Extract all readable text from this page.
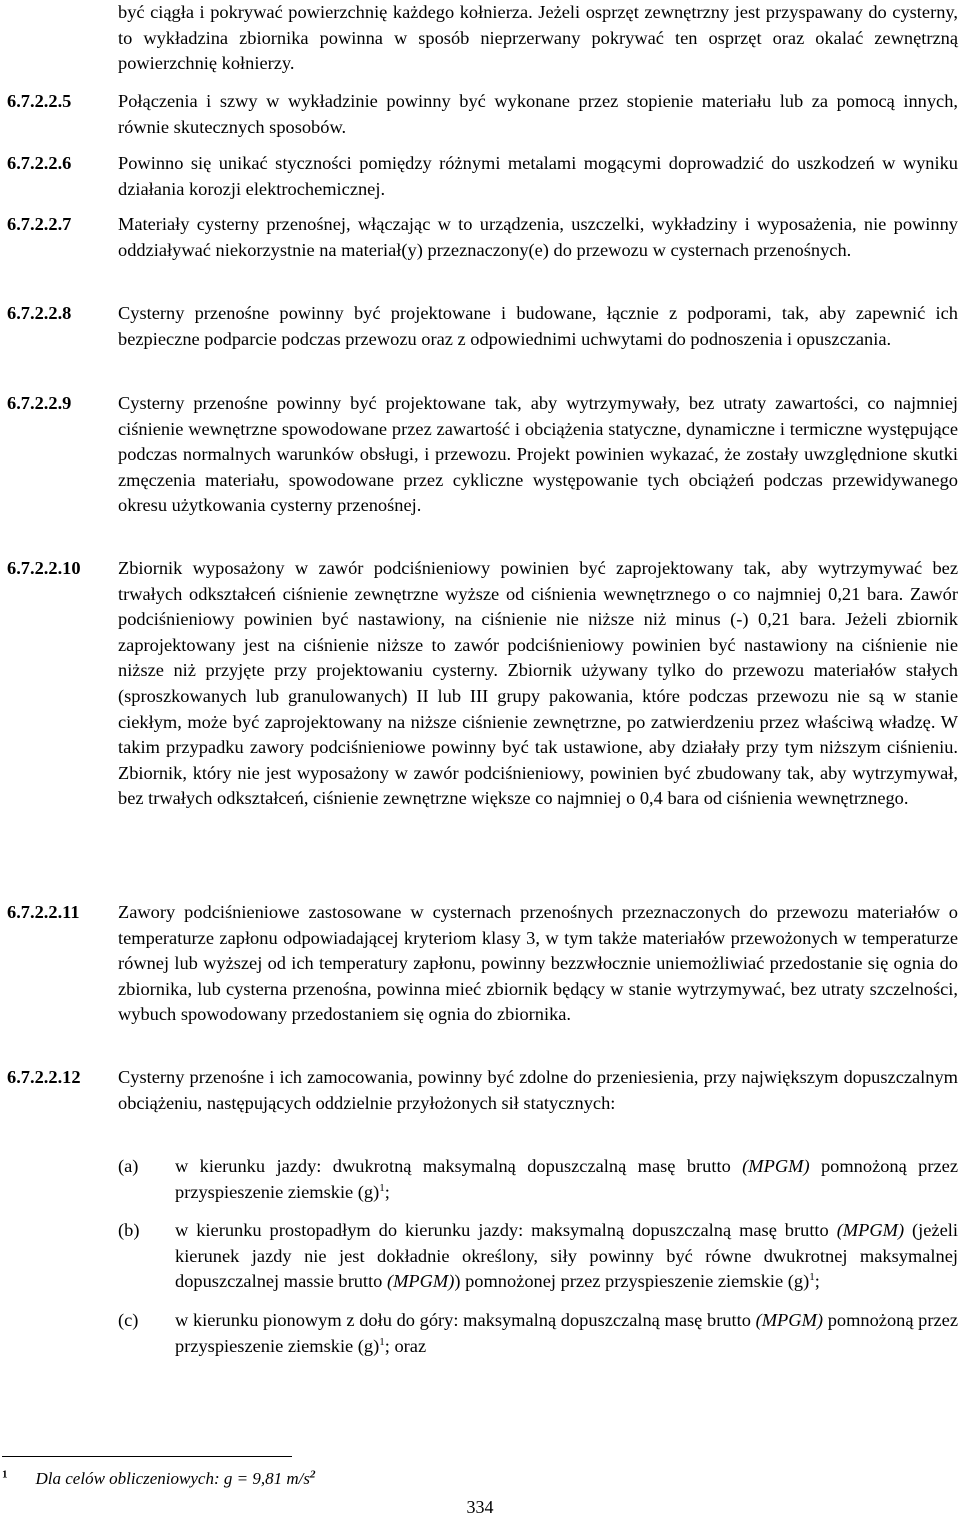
być ciągła i pokrywać powierzchnię każdego kołnierza. Jeżeli osprzęt zewnętrzny jest przyspawany do cysterny, to wykładzina zbiornika powinna w sposób nieprzerwany pokrywać ten osprzęt oraz okalać zewnętrzną powierzchnię kołnierzy.
6.7.2.2.5	Połączenia i szwy w wykładzinie powinny być wykonane przez stopienie materiału lub za pomocą innych, równie skutecznych sposobów.
6.7.2.2.6	Powinno się unikać styczności pomiędzy różnymi metalami mogącymi doprowadzić do uszkodzeń w wyniku działania korozji elektrochemicznej.
6.7.2.2.7	Materiały cysterny przenośnej, włączając w to urządzenia, uszczelki, wykładziny i wyposażenia, nie powinny oddziaływać niekorzystnie na materiał(y) przeznaczony(e) do przewozu w cysternach przenośnych.
6.7.2.2.8	Cysterny przenośne powinny być projektowane i budowane, łącznie z podporami, tak, aby zapewnić ich bezpieczne podparcie podczas przewozu oraz z odpowiednimi uchwytami do podnoszenia i opuszczania.
6.7.2.2.9	Cysterny przenośne powinny być projektowane tak, aby wytrzymywały, bez utraty zawartości, co najmniej ciśnienie wewnętrzne spowodowane przez zawartość i obciążenia statyczne, dynamiczne i termiczne występujące podczas normalnych warunków obsługi, i przewozu. Projekt powinien wykazać, że zostały uwzględnione skutki zmęczenia materiału, spowodowane przez cykliczne występowanie tych obciążeń podczas przewidywanego okresu użytkowania cysterny przenośnej.
6.7.2.2.10 Zbiornik wyposażony w zawór podciśnieniowy powinien być zaprojektowany tak, aby wytrzymywać bez trwałych odkształceń ciśnienie zewnętrzne wyższe od ciśnienia wewnętrznego o co najmniej 0,21 bara. Zawór podciśnieniowy powinien być nastawiony, na ciśnienie nie niższe niż minus (-) 0,21 bara. Jeżeli zbiornik zaprojektowany jest na ciśnienie niższe to zawór podciśnieniowy powinien być nastawiony na ciśnienie nie niższe niż przyjęte przy projektowaniu cysterny. Zbiornik używany tylko do przewozu materiałów stałych (sproszkowanych lub granulowanych) II lub III grupy pakowania, które podczas przewozu nie są w stanie ciekłym, może być zaprojektowany na niższe ciśnienie zewnętrzne, po zatwierdzeniu przez właściwą władzę. W takim przypadku zawory podciśnieniowe powinny być tak ustawione, aby działały przy tym niższym ciśnieniu. Zbiornik, który nie jest wyposażony w zawór podciśnieniowy, powinien być zbudowany tak, aby wytrzymywał, bez trwałych odkształceń, ciśnienie zewnętrzne większe co najmniej o 0,4 bara od ciśnienia wewnętrznego.
6.7.2.2.11 Zawory podciśnieniowe zastosowane w cysternach przenośnych przeznaczonych do przewozu materiałów o temperaturze zapłonu odpowiadającej kryteriom klasy 3, w tym także materiałów przewożonych w temperaturze równej lub wyższej od ich temperatury zapłonu, powinny bezzwłocznie uniemożliwiać przedostanie się ognia do zbiornika, lub cysterna przenośna, powinna mieć zbiornik będący w stanie wytrzymywać, bez utraty szczelności, wybuch spowodowany przedostaniem się ognia do zbiornika.
6.7.2.2.12 Cysterny przenośne i ich zamocowania, powinny być zdolne do przeniesienia, przy największym dopuszczalnym obciążeniu, następujących oddzielnie przyłożonych sił statycznych:
(a) w kierunku jazdy: dwukrotną maksymalną dopuszczalną masę brutto (MPGM) pomnożoną przez przyspieszenie ziemskie $(g)^1$;
(b) w kierunku prostopadłym do kierunku jazdy: maksymalną dopuszczalną masę brutto (MPGM) (jeżeli kierunek jazdy nie jest dokładnie określony, siły powinny być równe dwukrotnej maksymalnej dopuszczalnej massie brutto (MPGM)) pomnożonej przez przyspieszenie ziemskie $(g)^1$;
(c) w kierunku pionowym z dołu do góry: maksymalną dopuszczalną masę brutto (MPGM) pomnożoną przez przyspieszenie ziemskie $(g)^1$; oraz
$^1$ Dla celów obliczeniowych: g = 9,81 $m/s^2$
334
